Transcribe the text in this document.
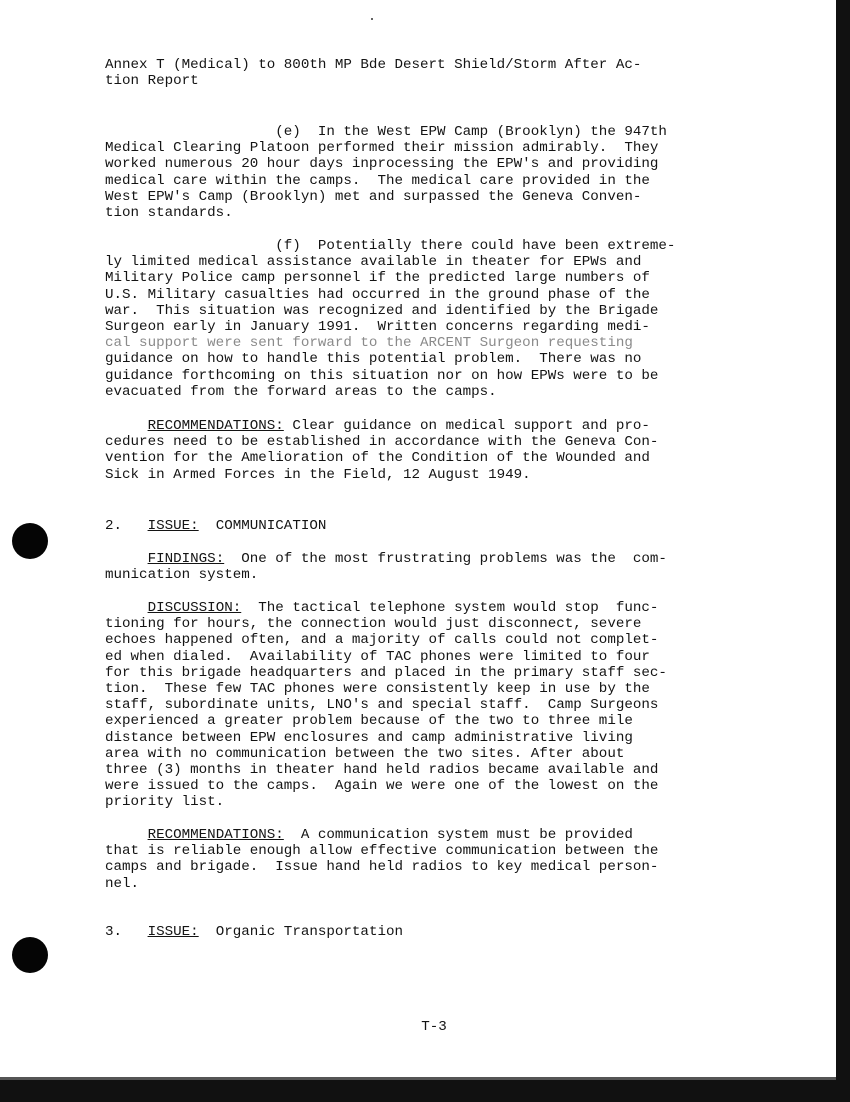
Annex T (Medical) to 800th MP Bde Desert Shield/Storm After Ac-
tion Report
(e)  In the West EPW Camp (Brooklyn) the 947th
Medical Clearing Platoon performed their mission admirably.  They
worked numerous 20 hour days inprocessing the EPW's and providing
medical care within the camps.  The medical care provided in the
West EPW's Camp (Brooklyn) met and surpassed the Geneva Conven-
tion standards.
(f)  Potentially there could have been extreme-
ly limited medical assistance available in theater for EPWs and
Military Police camp personnel if the predicted large numbers of
U.S. Military casualties had occurred in the ground phase of the
war.  This situation was recognized and identified by the Brigade
Surgeon early in January 1991.  Written concerns regarding medi-
cal support were sent forward to the ARCENT Surgeon requesting
guidance on how to handle this potential problem.  There was no
guidance forthcoming on this situation nor on how EPWs were to be
evacuated from the forward areas to the camps.
RECOMMENDATIONS: Clear guidance on medical support and pro-
cedures need to be established in accordance with the Geneva Con-
vention for the Amelioration of the Condition of the Wounded and
Sick in Armed Forces in the Field, 12 August 1949.
2.   ISSUE:  COMMUNICATION
FINDINGS:  One of the most frustrating problems was the  com-
munication system.
DISCUSSION:  The tactical telephone system would stop  func-
tioning for hours, the connection would just disconnect, severe
echoes happened often, and a majority of calls could not complet-
ed when dialed.  Availability of TAC phones were limited to four
for this brigade headquarters and placed in the primary staff sec-
tion.  These few TAC phones were consistently keep in use by the
staff, subordinate units, LNO's and special staff.  Camp Surgeons
experienced a greater problem because of the two to three mile
distance between EPW enclosures and camp administrative living
area with no communication between the two sites. After about
three (3) months in theater hand held radios became available and
were issued to the camps.  Again we were one of the lowest on the
priority list.
RECOMMENDATIONS:  A communication system must be provided
that is reliable enough allow effective communication between the
camps and brigade.  Issue hand held radios to key medical person-
nel.
3.   ISSUE:  Organic Transportation
T-3
